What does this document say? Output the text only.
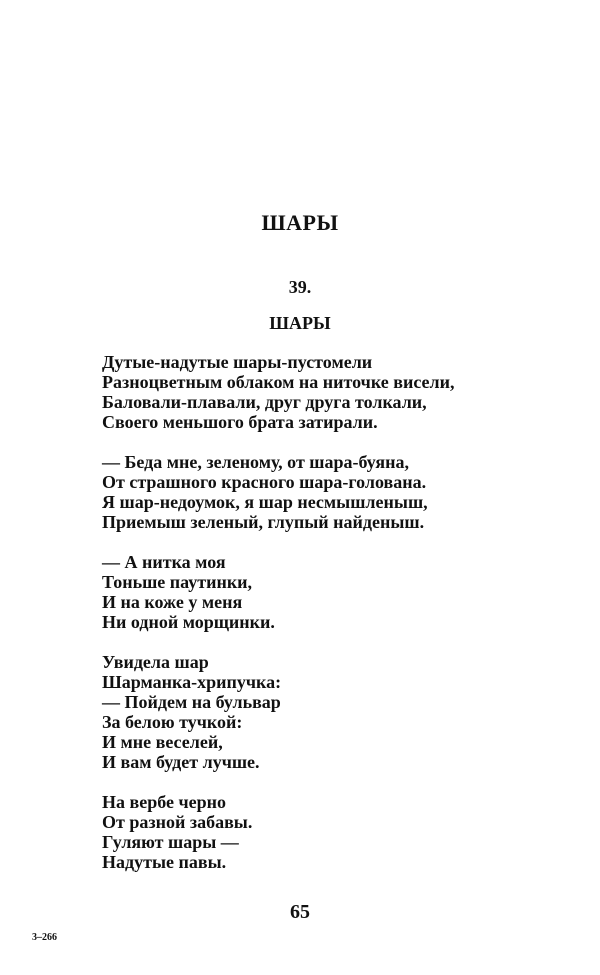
ШАРЫ
39.
ШАРЫ
Дутые-надутые шары-пустомели
Разноцветным облаком на ниточке висели,
Баловали-плавали, друг друга толкали,
Своего меньшого брата затирали.
— Беда мне, зеленому, от шара-буяна,
От страшного красного шара-голована.
Я шар-недоумок, я шар несмышленыш,
Приемыш зеленый, глупый найденыш.
— А нитка моя
Тоньше паутинки,
И на коже у меня
Ни одной морщинки.
Увидела шар
Шарманка-хрипучка:
— Пойдем на бульвар
За белою тучкой:
И мне веселей,
И вам будет лучше.
На вербе черно
От разной забавы.
Гуляют шары —
Надутые павы.
65
3–266
